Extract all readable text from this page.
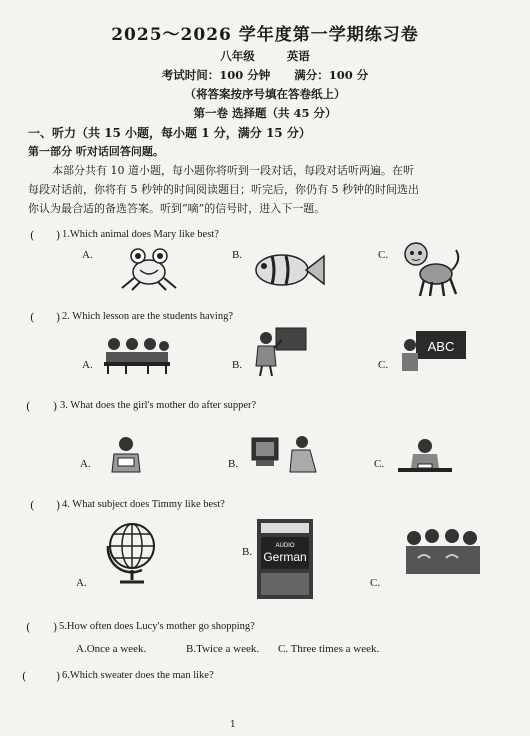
2025～2026 学年度第一学期练习卷
八年级	英语
考试时间：100 分钟 满分：100 分
（将答案按序号填在答卷纸上）
第一卷 选择题（共 45 分）
一、听力（共 15 小题，每小题 1 分，满分 15 分）
第一部分 听对话回答问题。
本部分共有 10 道小题，每小题你将听到一段对话，每段对话听两遍。在听
每段对话前，你将有 5 秒钟的时间阅读题目；听完后，你仍有 5 秒钟的时间选出
你认为最合适的备选答案。听到“嘀”的信号时，进入下一题。
( ) 1.Which animal does Mary like best?
A.	B.	C.
( ) 2. Which lesson are the students having?
A.	B.	C.
ABC
( ) 3. What does the girl's mother do after supper?
A.	B.	C.
( ) 4. What subject does Timmy like best?
A.
B.
C.
AUDIO
German
( ) 5.How often does Lucy's mother go shopping?
A.Once a week.	B.Twice a week. C. Three times a week.
(	) 6.Which sweater does the man like?
1
